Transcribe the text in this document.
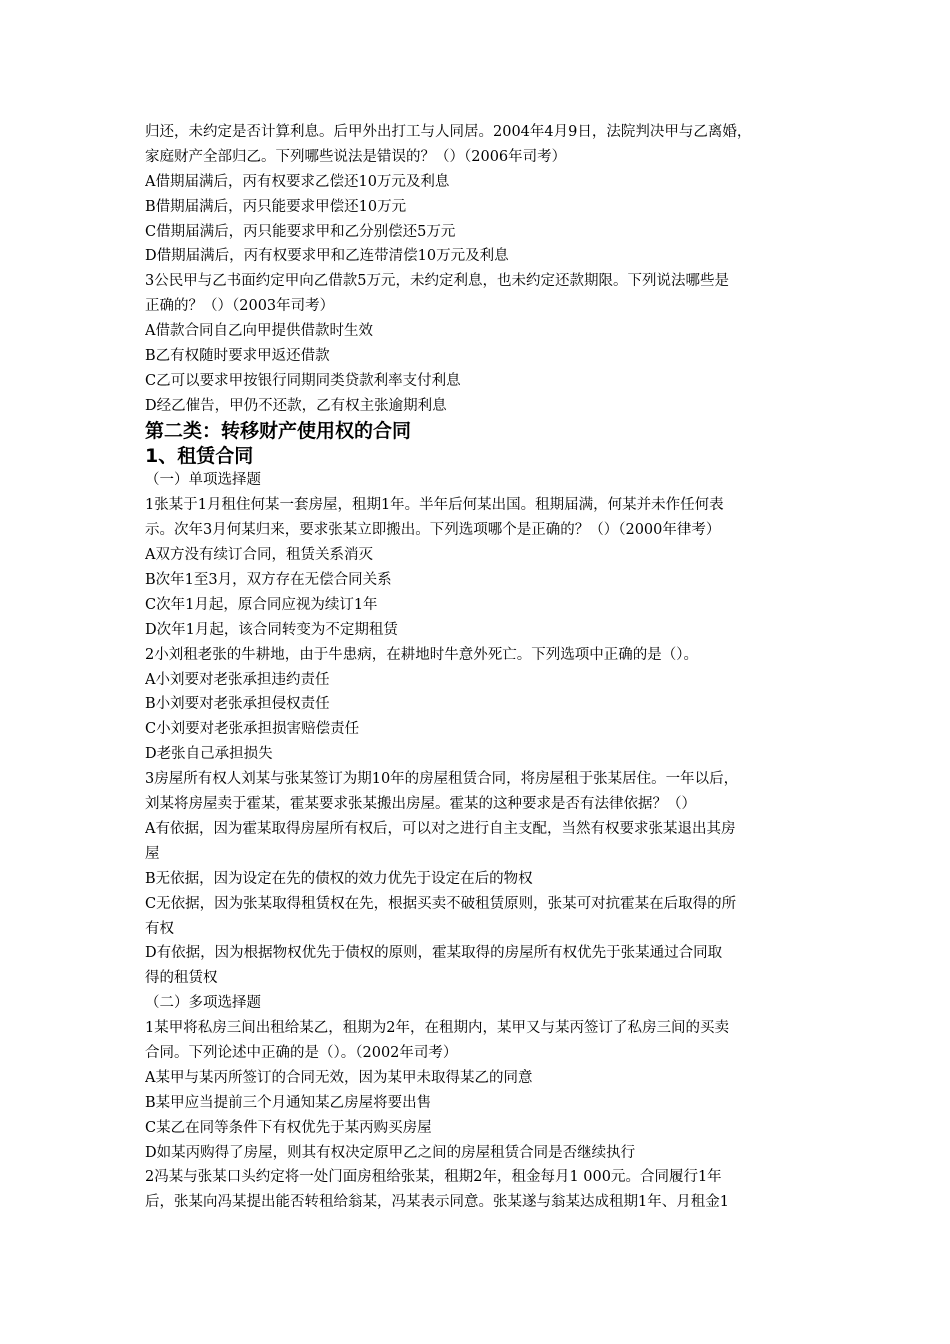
归还，未约定是否计算利息。后甲外出打工与人同居。2004年4月9日，法院判决甲与乙离婚，
家庭财产全部归乙。下列哪些说法是错误的？（）（2006年司考）
A借期届满后，丙有权要求乙偿还10万元及利息
B借期届满后，丙只能要求甲偿还10万元
C借期届满后，丙只能要求甲和乙分别偿还5万元
D借期届满后，丙有权要求甲和乙连带清偿10万元及利息
3公民甲与乙书面约定甲向乙借款5万元，未约定利息，也未约定还款期限。下列说法哪些是
正确的？（）（2003年司考）
A借款合同自乙向甲提供借款时生效
B乙有权随时要求甲返还借款
C乙可以要求甲按银行同期同类贷款利率支付利息
D经乙催告，甲仍不还款，乙有权主张逾期利息
第二类：转移财产使用权的合同
1、租赁合同
（一）单项选择题
1张某于1月租住何某一套房屋，租期1年。半年后何某出国。租期届满，何某并未作任何表
示。次年3月何某归来，要求张某立即搬出。下列选项哪个是正确的？（）（2000年律考）
A双方没有续订合同，租赁关系消灭
B次年1至3月，双方存在无偿合同关系
C次年1月起，原合同应视为续订1年
D次年1月起，该合同转变为不定期租赁
2小刘租老张的牛耕地，由于牛患病，在耕地时牛意外死亡。下列选项中正确的是（）。
A小刘要对老张承担违约责任
B小刘要对老张承担侵权责任
C小刘要对老张承担损害赔偿责任
D老张自己承担损失
3房屋所有权人刘某与张某签订为期10年的房屋租赁合同，将房屋租于张某居住。一年以后，
刘某将房屋卖于霍某，霍某要求张某搬出房屋。霍某的这种要求是否有法律依据？（）
A有依据，因为霍某取得房屋所有权后，可以对之进行自主支配，当然有权要求张某退出其房
屋
B无依据，因为设定在先的债权的效力优先于设定在后的物权
C无依据，因为张某取得租赁权在先，根据买卖不破租赁原则，张某可对抗霍某在后取得的所
有权
D有依据，因为根据物权优先于债权的原则，霍某取得的房屋所有权优先于张某通过合同取
得的租赁权
（二）多项选择题
1某甲将私房三间出租给某乙，租期为2年，在租期内，某甲又与某丙签订了私房三间的买卖
合同。下列论述中正确的是（）。（2002年司考）
A某甲与某丙所签订的合同无效，因为某甲未取得某乙的同意
B某甲应当提前三个月通知某乙房屋将要出售
C某乙在同等条件下有权优先于某丙购买房屋
D如某丙购得了房屋，则其有权决定原甲乙之间的房屋租赁合同是否继续执行
2冯某与张某口头约定将一处门面房租给张某，租期2年，租金每月1 000元。合同履行1年
后，张某向冯某提出能否转租给翁某，冯某表示同意。张某遂与翁某达成租期1年、月租金1
